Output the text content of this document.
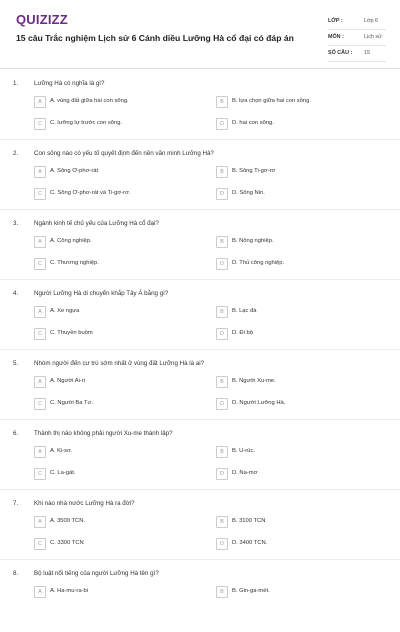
QUIZIZZ
15 câu Trắc nghiệm Lịch sử 6 Cánh diều Lưỡng Hà cổ đại có đáp án
LỚP :	Lớp 6
MÔN :	Lịch sử
SỐ CÂU : 15
1.	Lưỡng Hà có nghĩa là gì?
A	A. vùng đất giữa hai con sông.	B	B. lựa chọn giữa hai con sông.
C	C. lưỡng lự trước con sông.	D	D. hai con sông.
2.	Con sông nào có yếu tố quyết định đến nền văn minh Lưỡng Hà?
A	A. Sông Ơ-phơ-rát	B	B. Sông Ti-gơ-rơ
C	C. Sông Ơ-phơ-rát và Ti-gơ-rơ.	D	D. Sông Nin.
3.	Ngành kinh tế chủ yếu của Lưỡng Hà cổ đại?
A	A. Công nghiệp.	B	B. Nông nghiệp.
C	C. Thương nghiệp.	D	D. Thủ công nghiệp.
4.	Người Lưỡng Hà di chuyển khắp Tây Á bằng gì?
A	A. Xe ngựa	B	B. Lạc đà
C	C. Thuyền buồm	D	D. Đi bộ
5.	Nhóm người đến cư trú sớm nhất ở vùng đất Lưỡng Hà là ai?
A	A. Người Ai-ri	B	B. Người Xu-me.
C	C. Người Ba Tư.	D	D. Người Lưỡng Hà.
6.	Thành thị nào không phải người Xu-me thành lập?
A	A. Ki-sơ.	B	B. U-rúc.
C	C. La-gát.	D	D. Na-mơ
7.	Khi nào nhà nước Lưỡng Hà ra đời?
A	A. 3500 TCN.	B	B. 3100 TCN
C	C. 3300 TCN	D	D. 3400 TCN.
8.	Bộ luật nổi tiếng của người Lưỡng Hà tên gì?
A	A. Ha-mu-ra-bi	B	B. Gin-ga-mét.
